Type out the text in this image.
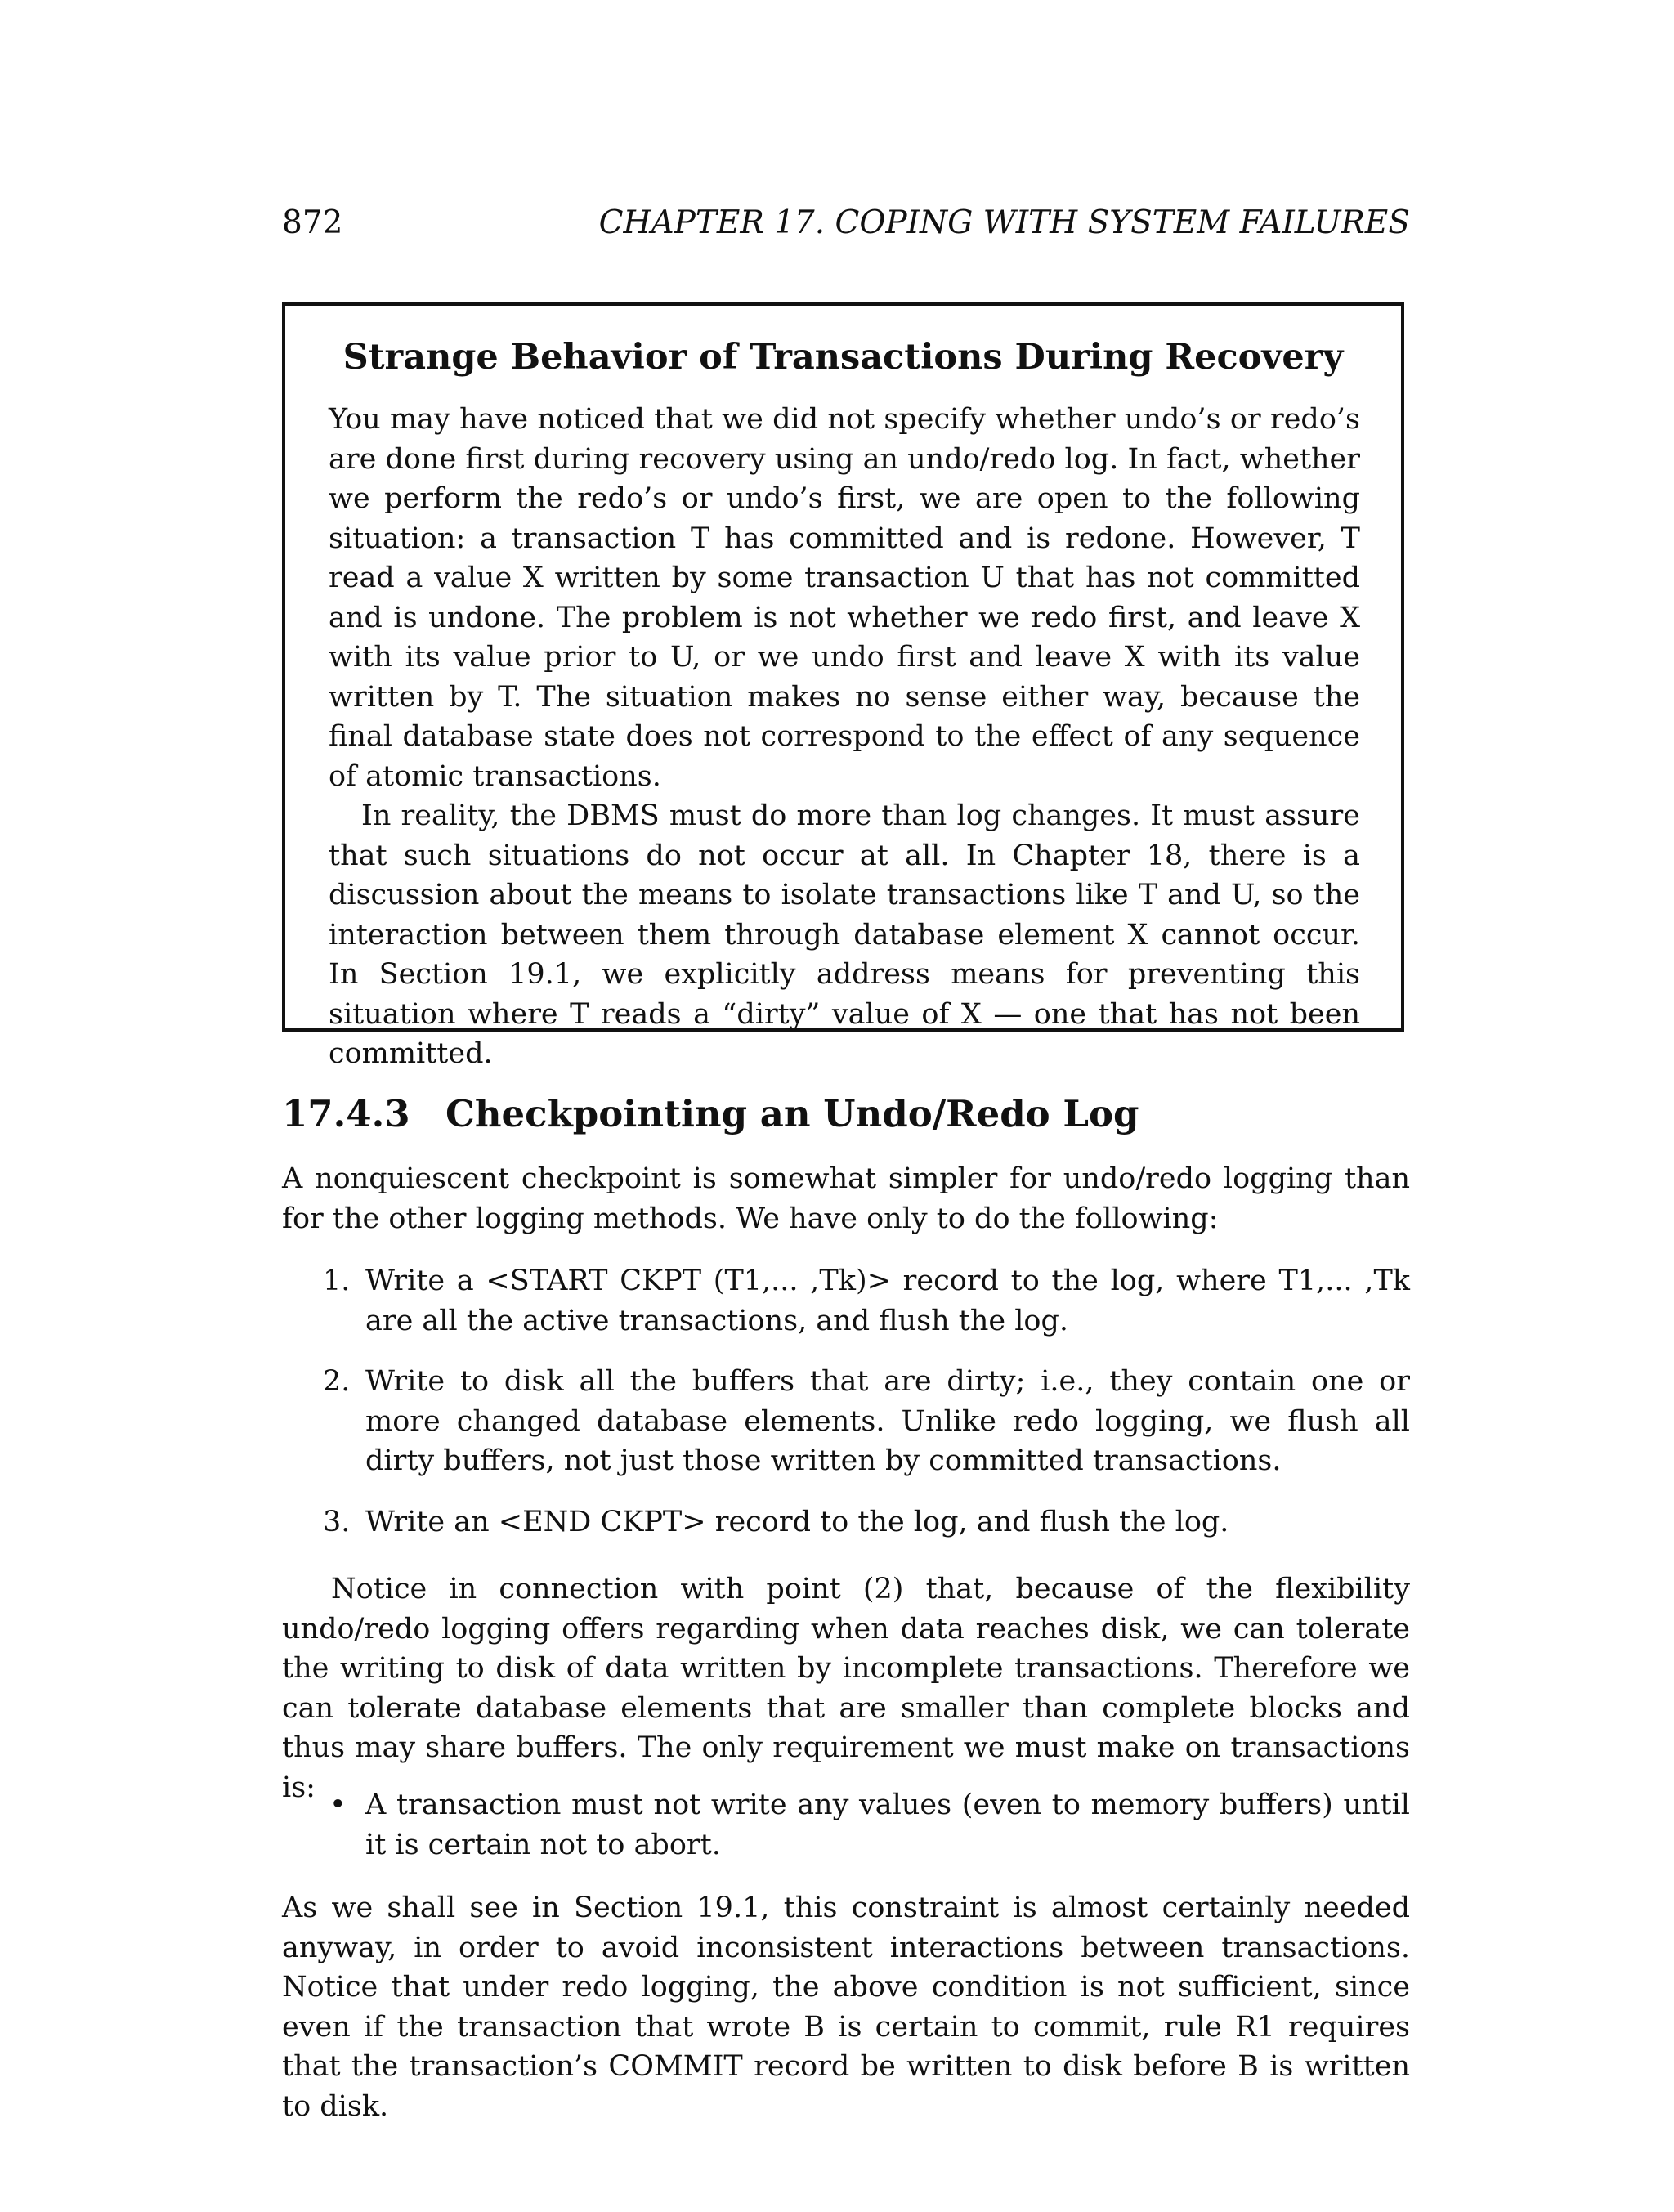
872	CHAPTER 17. COPING WITH SYSTEM FAILURES
Strange Behavior of Transactions During Recovery

You may have noticed that we did not specify whether undo’s or redo’s are done first during recovery using an undo/redo log. In fact, whether we perform the redo’s or undo’s first, we are open to the following situation: a transaction T has committed and is redone. However, T read a value X written by some transaction U that has not committed and is undone. The problem is not whether we redo first, and leave X with its value prior to U, or we undo first and leave X with its value written by T. The situation makes no sense either way, because the final database state does not correspond to the effect of any sequence of atomic transactions.

In reality, the DBMS must do more than log changes. It must assure that such situations do not occur at all. In Chapter 18, there is a discussion about the means to isolate transactions like T and U, so the interaction between them through database element X cannot occur. In Section 19.1, we explicitly address means for preventing this situation where T reads a “dirty” value of X — one that has not been committed.

17.4.3 Checkpointing an Undo/Redo Log

A nonquiescent checkpoint is somewhat simpler for undo/redo logging than for the other logging methods. We have only to do the following:

1. Write a <START CKPT (T1,... ,Tk)> record to the log, where T1,... ,Tk are all the active transactions, and flush the log.
2. Write to disk all the buffers that are dirty; i.e., they contain one or more changed database elements. Unlike redo logging, we flush all dirty buffers, not just those written by committed transactions.
3. Write an <END CKPT> record to the log, and flush the log.

Notice in connection with point (2) that, because of the flexibility undo/redo logging offers regarding when data reaches disk, we can tolerate the writing to disk of data written by incomplete transactions. Therefore we can tolerate database elements that are smaller than complete blocks and thus may share buffers. The only requirement we must make on transactions is:

• A transaction must not write any values (even to memory buffers) until it is certain not to abort.

As we shall see in Section 19.1, this constraint is almost certainly needed anyway, in order to avoid inconsistent interactions between transactions. Notice that under redo logging, the above condition is not sufficient, since even if the transaction that wrote B is certain to commit, rule R1 requires that the transaction’s COMMIT record be written to disk before B is written to disk.
